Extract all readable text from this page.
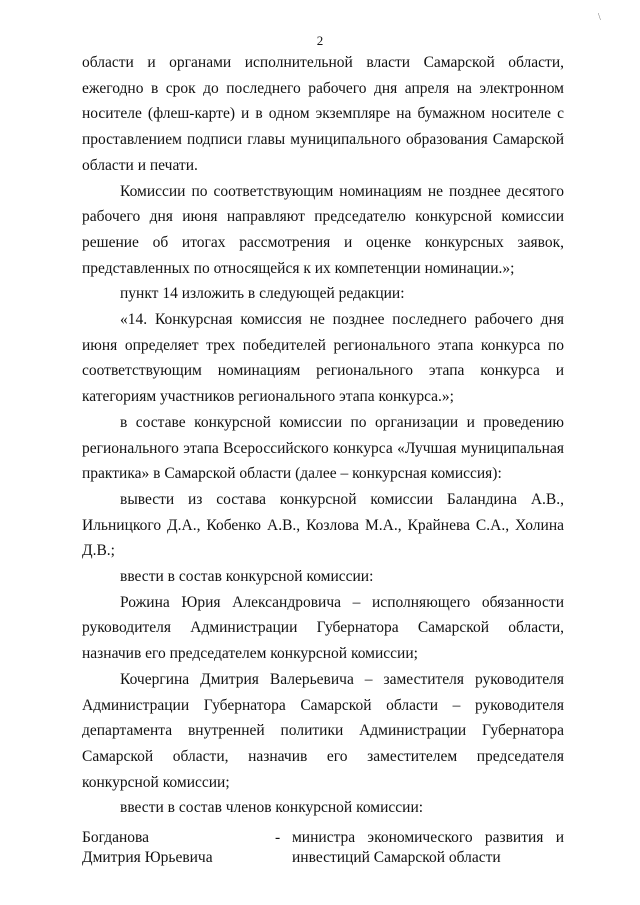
\
2

области и органами исполнительной власти Самарской области, ежегодно в срок до последнего рабочего дня апреля на электронном носителе (флеш-карте) и в одном экземпляре на бумажном носителе с проставлением подписи главы муниципального образования Самарской области и печати.

Комиссии по соответствующим номинациям не позднее десятого рабочего дня июня направляют председателю конкурсной комиссии решение об итогах рассмотрения и оценке конкурсных заявок, представленных по относящейся к их компетенции номинации.»;

пункт 14 изложить в следующей редакции:

«14. Конкурсная комиссия не позднее последнего рабочего дня июня определяет трех победителей регионального этапа конкурса по соответствующим номинациям регионального этапа конкурса и категориям участников регионального этапа конкурса.»;

в составе конкурсной комиссии по организации и проведению регионального этапа Всероссийского конкурса «Лучшая муниципальная практика» в Самарской области (далее – конкурсная комиссия):

вывести из состава конкурсной комиссии Баландина А.В., Ильницкого Д.А., Кобенко А.В., Козлова М.А., Крайнева С.А., Холина Д.В.;

ввести в состав конкурсной комиссии:

Рожина Юрия Александровича – исполняющего обязанности руководителя Администрации Губернатора Самарской области, назначив его председателем конкурсной комиссии;

Кочергина Дмитрия Валерьевича – заместителя руководителя Администрации Губернатора Самарской области – руководителя департамента внутренней политики Администрации Губернатора Самарской области, назначив его заместителем председателя конкурсной комиссии;

ввести в состав членов конкурсной комиссии:

Богданова
Дмитрия Юрьевича
- министра экономического развития и инвестиций Самарской области
